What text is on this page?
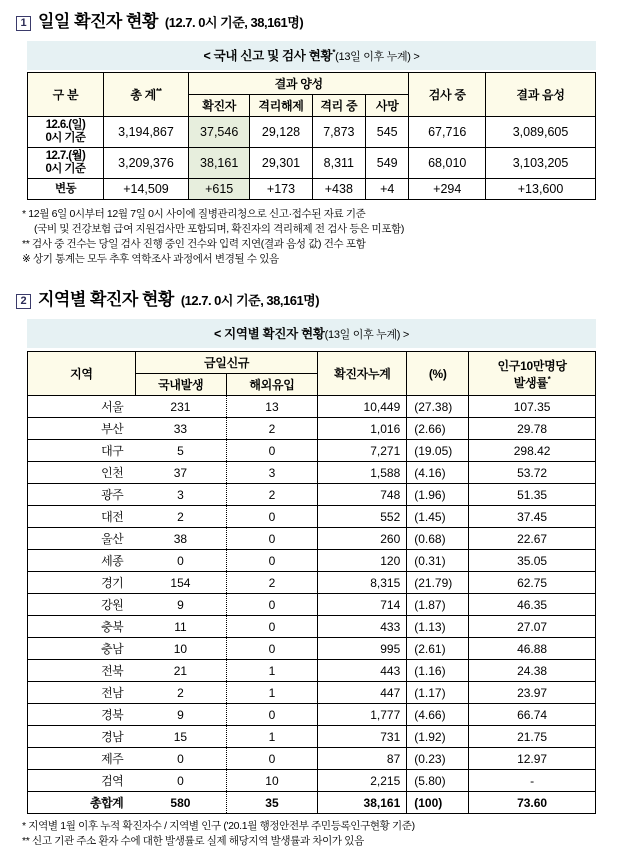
1 일일 확진자 현황 (12.7. 0시 기준, 38,161명)
< 국내 신고 및 검사 현황*(13일 이후 누계) >
구 분	총 계**	결과 양성				검사 중	결과 음성
		확진자	격리해제	격리 중	사망		

12.6.(일)
0시 기준	3,194,867	37,546	29,128	7,873	545	67,716	3,089,605

12.7.(월)
0시 기준	3,209,376	38,161	29,301	8,311	549	68,010	3,103,205
변동	+14,509	+615	+173	+438	+4	+294	+13,600
* 12월 6일 0시부터 12월 7일 0시 사이에 질병관리청으로 신고·접수된 자료 기준
(국비 및 건강보험 급여 지원검사만 포함되며, 확진자의 격리해제 전 검사 등은 미포함)
** 검사 중 건수는 당일 검사 진행 중인 건수와 입력 지연(결과 음성 값) 건수 포함
※ 상기 통계는 모두 추후 역학조사 과정에서 변경될 수 있음
2 지역별 확진자 현황 (12.7. 0시 기준, 38,161명)
< 지역별 확진자 현황(13일 이후 누계) >
지역	금일신규		확진자누계	(%)	인구10만명당
발생률*

	국내발생	해외유입			
서울	231	13	10,449	(27.38)	107.35
부산	33	2	1,016	(2.66)	29.78
대구	5	0	7,271	(19.05)	298.42
인천	37	3	1,588	(4.16)	53.72
광주	3	2	748	(1.96)	51.35
대전	2	0	552	(1.45)	37.45
울산	38	0	260	(0.68)	22.67
세종	0	0	120	(0.31)	35.05
경기	154	2	8,315	(21.79)	62.75
강원	9	0	714	(1.87)	46.35
충북	11	0	433	(1.13)	27.07
충남	10	0	995	(2.61)	46.88
전북	21	1	443	(1.16)	24.38
전남	2	1	447	(1.17)	23.97
경북	9	0	1,777	(4.66)	66.74
경남	15	1	731	(1.92)	21.75
제주	0	0	87	(0.23)	12.97
검역	0	10	2,215	(5.80)	-
총합계	580	35	38,161	(100)	73.60
* 지역별 1월 이후 누적 확진자수 / 지역별 인구 ('20.1월 행정안전부 주민등록인구현황 기준)
** 신고 기관 주소 환자 수에 대한 발생률로 실제 해당지역 발생률과 차이가 있음
